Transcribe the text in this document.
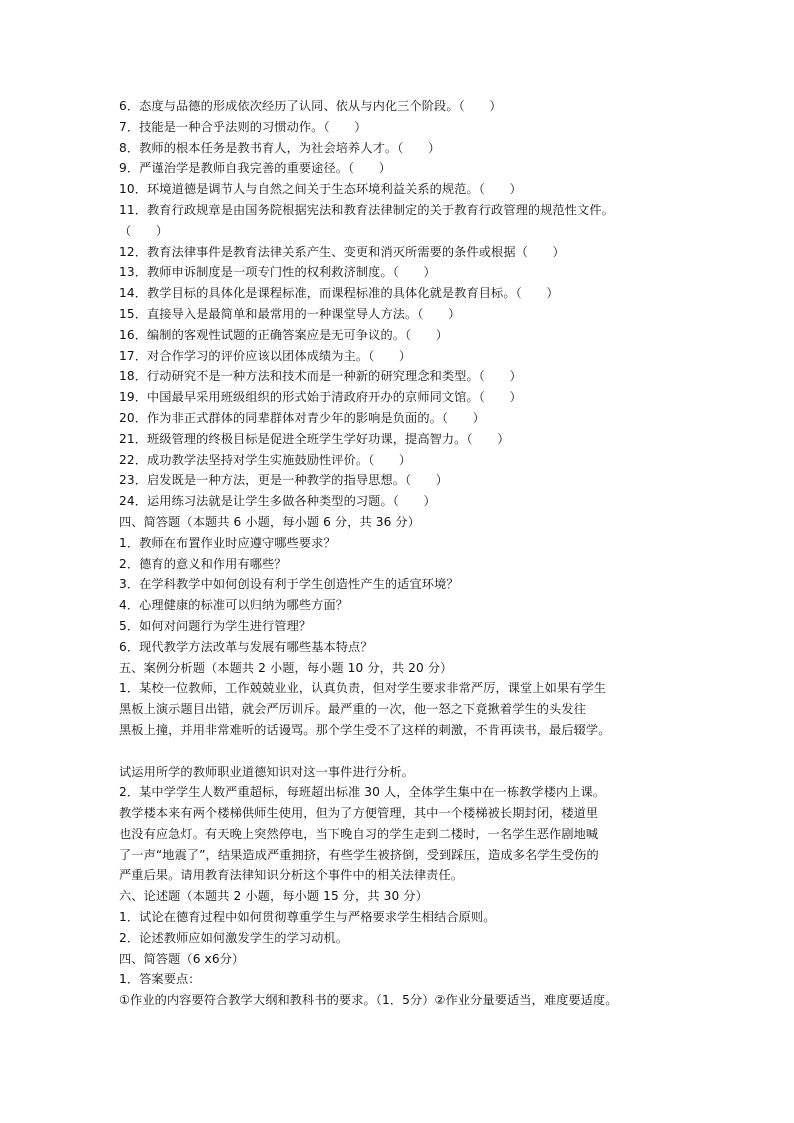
6．态度与品德的形成依次经历了认同、依从与内化三个阶段。（　　）
7．技能是一种合乎法则的习惯动作。（　　）
8．教师的根本任务是教书育人，为社会培养人才。（　　）
9．严谨治学是教师自我完善的重要途径。（　　）
10．环境道德是调节人与自然之间关于生态环境利益关系的规范。（　　）
11．教育行政规章是由国务院根据宪法和教育法律制定的关于教育行政管理的规范性文件。
（　　）
12．教育法律事件是教育法律关系产生、变更和消灭所需要的条件或根据（　　）
13．教师申诉制度是一项专门性的权利救济制度。（　　）
14．教学目标的具体化是课程标准，而课程标准的具体化就是教育目标。（　　）
15．直接导入是最简单和最常用的一种课堂导人方法。（　　）
16．编制的客观性试题的正确答案应是无可争议的。（　　）
17．对合作学习的评价应该以团体成绩为主。（　　）
18．行动研究不是一种方法和技术而是一种新的研究理念和类型。（　　）
19．中国最早采用班级组织的形式始于清政府开办的京师同文馆。（　　）
20．作为非正式群体的同辈群体对青少年的影响是负面的。（　　）
21．班级管理的终极目标是促进全班学生学好功课，提高智力。（　　）
22．成功教学法坚持对学生实施鼓励性评价。（　　）
23．启发既是一种方法，更是一种教学的指导思想。（　　）
24．运用练习法就是让学生多做各种类型的习题。（　　）
四、简答题（本题共 6 小题，每小题 6 分，共 36 分）
1．教师在布置作业时应遵守哪些要求？
2．德育的意义和作用有哪些？
3．在学科教学中如何创设有利于学生创造性产生的适宜环境？
4．心理健康的标准可以归纳为哪些方面？
5．如何对问题行为学生进行管理？
6．现代教学方法改革与发展有哪些基本特点？
五、案例分析题（本题共 2 小题，每小题 10 分，共 20 分）
1．某校一位教师，工作兢兢业业，认真负责，但对学生要求非常严厉，课堂上如果有学生
黑板上演示题目出错，就会严厉训斥。最严重的一次，他一怒之下竟揪着学生的头发往
黑板上撞，并用非常难听的话谩骂。那个学生受不了这样的刺激，不肯再读书，最后辍学。
试运用所学的教师职业道德知识对这一事件进行分析。
2．某中学学生人数严重超标，每班超出标准 30 人，全体学生集中在一栋教学楼内上课。
教学楼本来有两个楼梯供师生使用，但为了方便管理，其中一个楼梯被长期封闭，楼道里
也没有应急灯。有天晚上突然停电，当下晚自习的学生走到二楼时，一名学生恶作剧地喊
了一声“地震了”，结果造成严重拥挤，有些学生被挤倒，受到踩压，造成多名学生受伤的
严重后果。请用教育法律知识分析这个事件中的相关法律责任。
六、论述题（本题共 2 小题，每小题 15 分，共 30 分）
1．试论在德育过程中如何贯彻尊重学生与严格要求学生相结合原则。
2．论述教师应如何激发学生的学习动机。
四、简答题（6 x6分）
1．答案要点：
①作业的内容要符合教学大纲和教科书的要求。（1．5分）②作业分量要适当，难度要适度。
